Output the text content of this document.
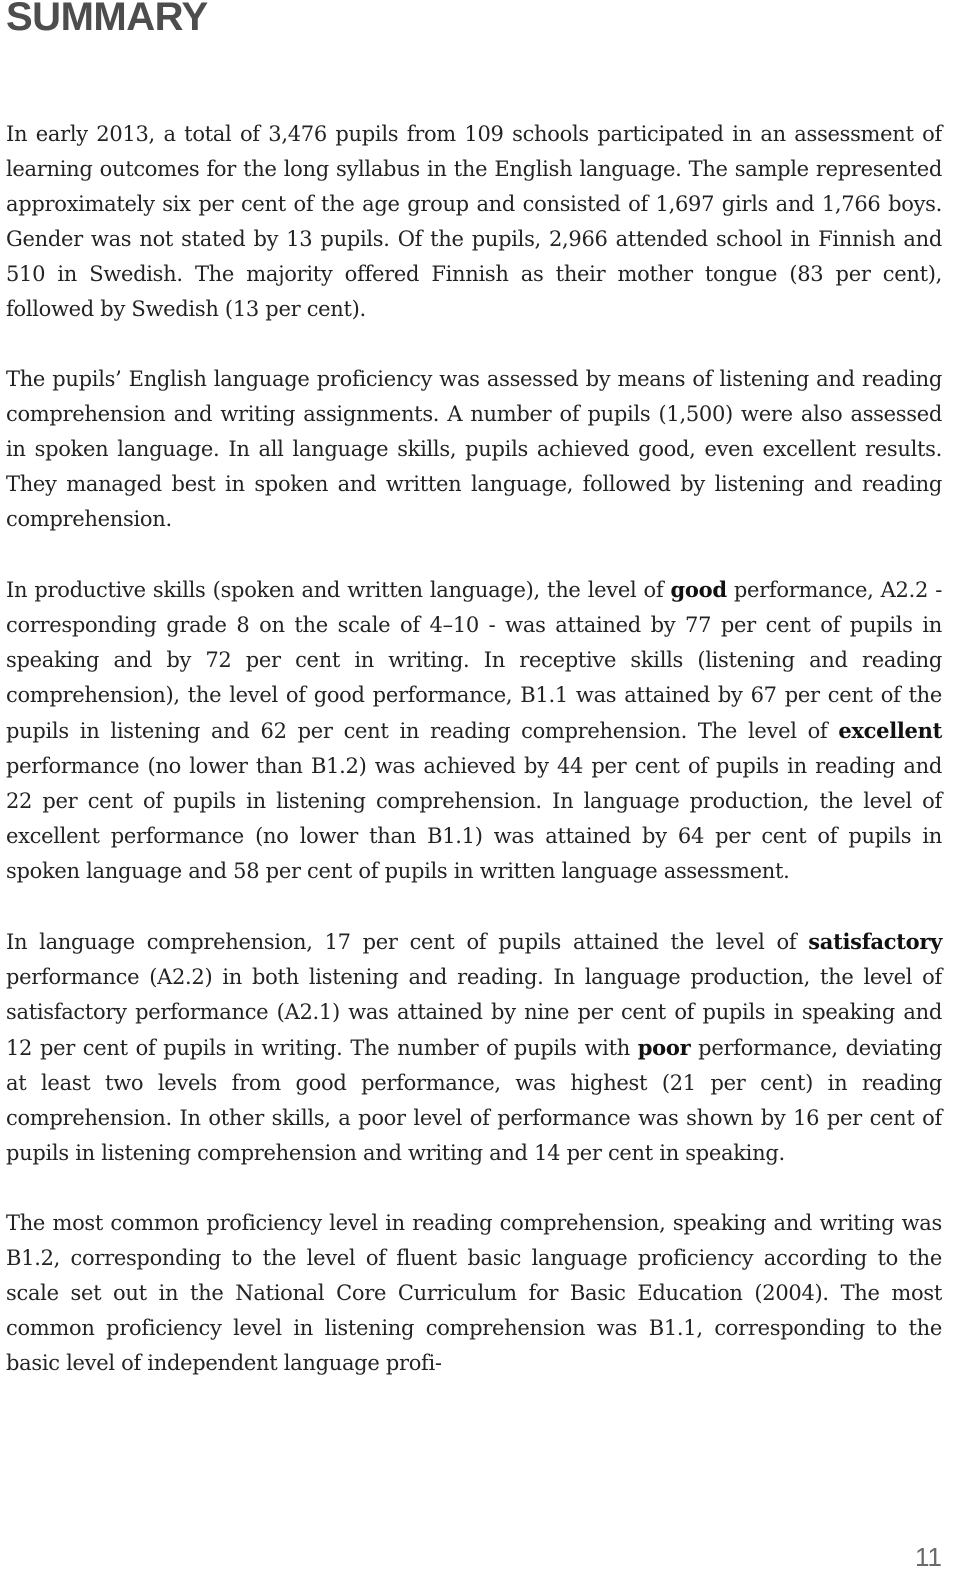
SUMMARY

In early 2013, a total of 3,476 pupils from 109 schools participated in an assessment of learning outcomes for the long syllabus in the English language. The sample represented approximately six per cent of the age group and consisted of 1,697 girls and 1,766 boys. Gender was not stated by 13 pupils. Of the pupils, 2,966 attended school in Finnish and 510 in Swedish. The majority offered Finnish as their mother tongue (83 per cent), followed by Swedish (13 per cent).

The pupils’ English language proficiency was assessed by means of listening and reading comprehension and writing assignments. A number of pupils (1,500) were also assessed in spoken language. In all language skills, pupils achieved good, even excellent results. They managed best in spoken and written language, followed by listening and reading comprehension.

In productive skills (spoken and written language), the level of good performance, A2.2 - corresponding grade 8 on the scale of 4–10 - was attained by 77 per cent of pupils in speaking and by 72 per cent in writing. In receptive skills (listening and reading comprehension), the level of good performance, B1.1 was attained by 67 per cent of the pupils in listening and 62 per cent in reading comprehension. The level of excellent performance (no lower than B1.2) was achieved by 44 per cent of pupils in reading and 22 per cent of pupils in listening comprehension. In language production, the level of excellent performance (no lower than B1.1) was attained by 64 per cent of pupils in spoken language and 58 per cent of pupils in written language assessment.

In language comprehension, 17 per cent of pupils attained the level of satisfactory performance (A2.2) in both listening and reading. In language production, the level of satisfactory performance (A2.1) was attained by nine per cent of pupils in speaking and 12 per cent of pupils in writing. The number of pupils with poor performance, deviating at least two levels from good performance, was highest (21 per cent) in reading comprehension. In other skills, a poor level of performance was shown by 16 per cent of pupils in listening comprehension and writing and 14 per cent in speaking.

The most common proficiency level in reading comprehension, speaking and writing was B1.2, corresponding to the level of fluent basic language proficiency according to the scale set out in the National Core Curriculum for Basic Education (2004). The most common proficiency level in listening comprehension was B1.1, corresponding to the basic level of independent language profi-

11
